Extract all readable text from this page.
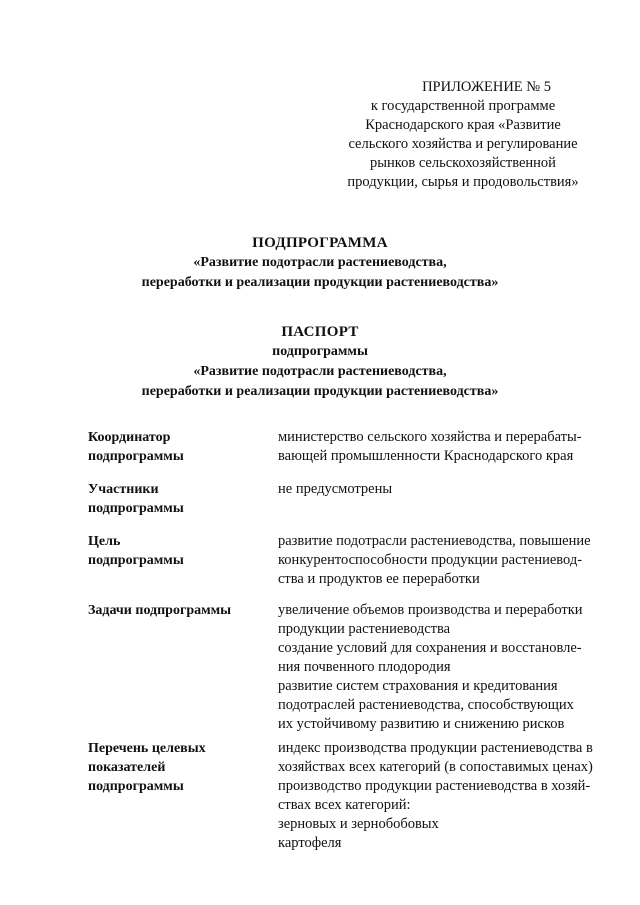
ПРИЛОЖЕНИЕ № 5
к государственной программе
Краснодарского края «Развитие
сельского хозяйства и регулирование
рынков сельскохозяйственной
продукции, сырья и продовольствия»
ПОДПРОГРАММА
«Развитие подотрасли растениеводства,
переработки и реализации продукции растениеводства»
ПАСПОРТ
подпрограммы
«Развитие подотрасли растениеводства,
переработки и реализации продукции растениеводства»
Координатор
подпрограммы
министерство сельского хозяйства и перерабаты-
вающей промышленности Краснодарского края
Участники
подпрограммы
не предусмотрены
Цель
подпрограммы
развитие подотрасли растениеводства, повышение
конкурентоспособности продукции растениевод-
ства и продуктов ее переработки
Задачи подпрограммы	увеличение объемов производства и переработки
продукции растениеводства
создание условий для сохранения и восстановле-
ния почвенного плодородия
развитие систем страхования и кредитования
подотраслей растениеводства, способствующих
их устойчивому развитию и снижению рисков
Перечень целевых
показателей
подпрограммы
индекс производства продукции растениеводства в
хозяйствах всех категорий (в сопоставимых ценах)
производство продукции растениеводства в хозяй-
ствах всех категорий:
зерновых и зернобобовых
картофеля
